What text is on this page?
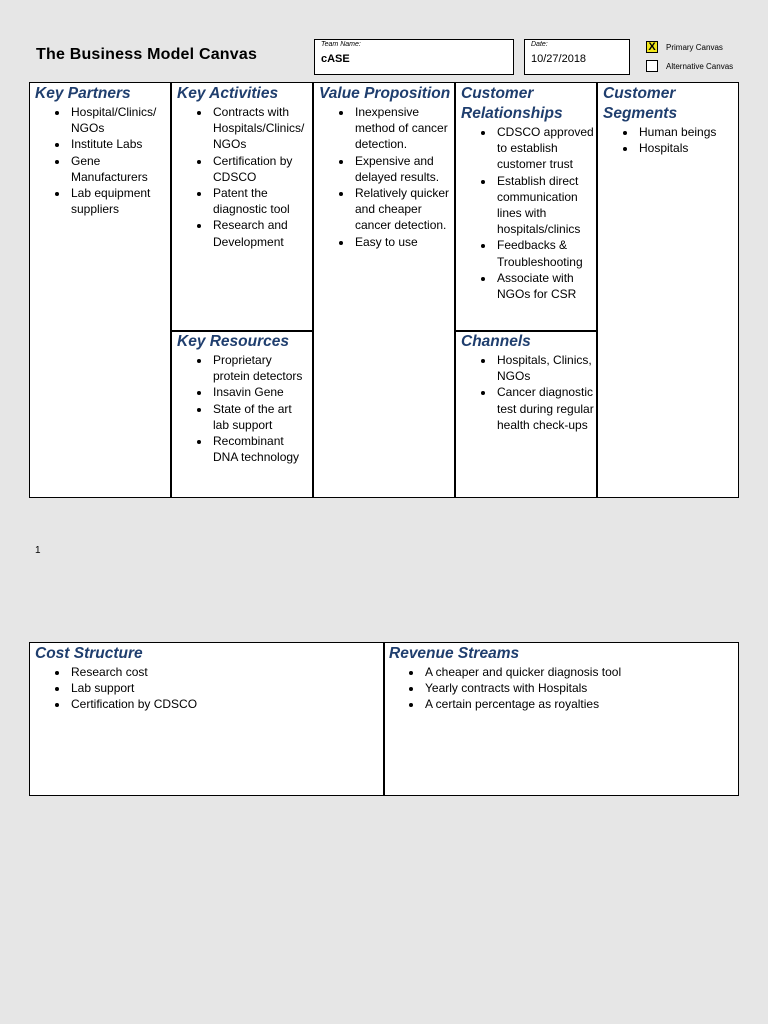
The Business Model Canvas
Team Name:
cASE
Date:
10/27/2018
X Primary Canvas
Alternative Canvas
Key Partners
• Hospital/Clinics/ NGOs
• Institute Labs
• Gene Manufacturers
• Lab equipment suppliers
Key Activities
• Contracts with Hospitals/Clinics/ NGOs
• Certification by CDSCO
• Patent the diagnostic tool
• Research and Development
Key Resources
• Proprietary protein detectors
• Insavin Gene
• State of the art lab support
• Recombinant DNA technology
Value Proposition
• Inexpensive method of cancer detection.
• Expensive and delayed results.
• Relatively quicker and cheaper cancer detection.
• Easy to use
Customer Relationships
• CDSCO approved to establish customer trust
• Establish direct communication lines with hospitals/clinics
• Feedbacks & Troubleshooting
• Associate with NGOs for CSR
Channels
• Hospitals, Clinics, NGOs
• Cancer diagnostic test during regular health check-ups
Customer Segments
• Human beings
• Hospitals
1
Cost Structure
• Research cost
• Lab support
• Certification by CDSCO
Revenue Streams
• A cheaper and quicker diagnosis tool
• Yearly contracts with Hospitals
• A certain percentage as royalties
